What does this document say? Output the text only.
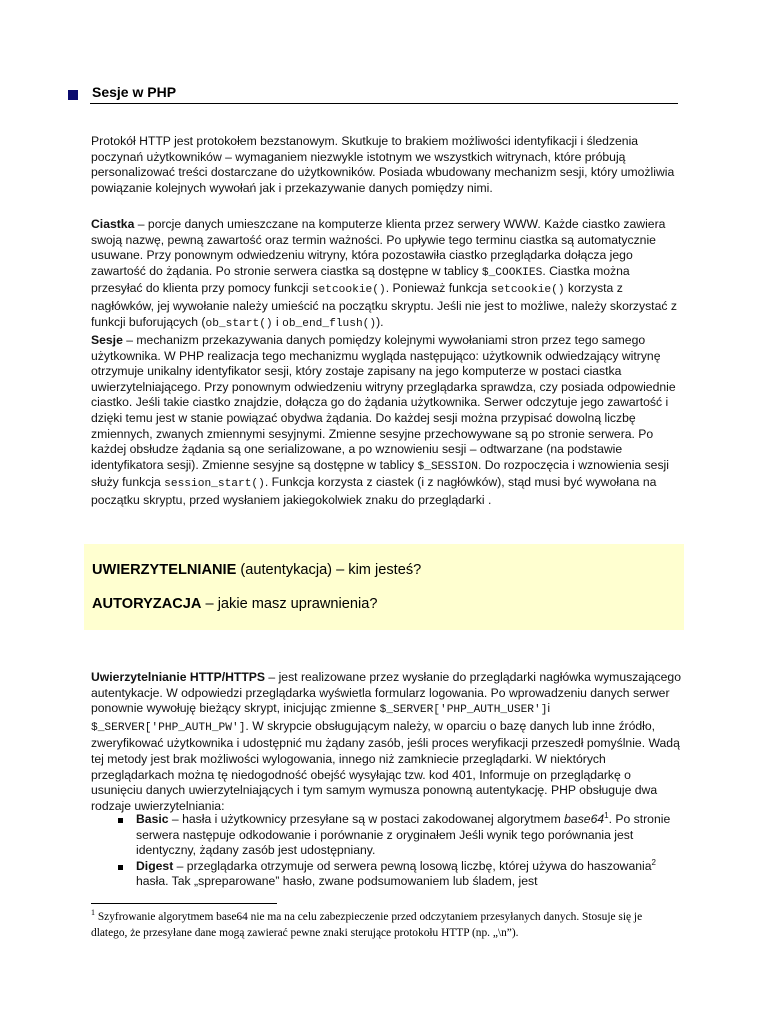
Sesje w PHP

Protokół HTTP jest protokołem bezstanowym. Skutkuje to brakiem możliwości identyfikacji i śledzenia poczynań użytkowników – wymaganiem niezwykle istotnym we wszystkich witrynach, które próbują personalizować treści dostarczane do użytkowników. Posiada wbudowany mechanizm sesji, który umożliwia powiązanie kolejnych wywołań jak i przekazywanie danych pomiędzy nimi.

Ciastka – porcje danych umieszczane na komputerze klienta przez serwery WWW. Każde ciastko zawiera swoją nazwę, pewną zawartość oraz termin ważności. Po upływie tego terminu ciastka są automatycznie usuwane. Przy ponownym odwiedzeniu witryny, która pozostawiła ciastko przeglądarka dołącza jego zawartość do żądania. Po stronie serwera ciastka są dostępne w tablicy $_COOKIES. Ciastka można przesyłać do klienta przy pomocy funkcji setcookie(). Ponieważ funkcja setcookie() korzysta z nagłówków, jej wywołanie należy umieścić na początku skryptu. Jeśli nie jest to możliwe, należy skorzystać z funkcji buforujących (ob_start() i ob_end_flush()).

Sesje – mechanizm przekazywania danych pomiędzy kolejnymi wywołaniami stron przez tego samego użytkownika. W PHP realizacja tego mechanizmu wygląda następująco: użytkownik odwiedzający witrynę otrzymuje unikalny identyfikator sesji, który zostaje zapisany na jego komputerze w postaci ciastka uwierzytelniającego. Przy ponownym odwiedzeniu witryny przeglądarka sprawdza, czy posiada odpowiednie ciastko. Jeśli takie ciastko znajdzie, dołącza go do żądania użytkownika. Serwer odczytuje jego zawartość i dzięki temu jest w stanie powiązać obydwa żądania. Do każdej sesji można przypisać dowolną liczbę zmiennych, zwanych zmiennymi sesyjnymi. Zmienne sesyjne przechowywane są po stronie serwera. Po każdej obsłudze żądania są one serializowane, a po wznowieniu sesji – odtwarzane (na podstawie identyfikatora sesji). Zmienne sesyjne są dostępne w tablicy $_SESSION. Do rozpoczęcia i wznowienia sesji służy funkcja session_start(). Funkcja korzysta z ciastek (i z nagłówków), stąd musi być wywołana na początku skryptu, przed wysłaniem jakiegokolwiek znaku do przeglądarki .

UWIERZYTELNIANIE (autentykacja) – kim jesteś?
AUTORYZACJA – jakie masz uprawnienia?

Uwierzytelnianie HTTP/HTTPS – jest realizowane przez wysłanie do przeglądarki nagłówka wymuszającego autentykacje. W odpowiedzi przeglądarka wyświetla formularz logowania. Po wprowadzeniu danych serwer ponownie wywołuję bieżący skrypt, inicjując zmienne $_SERVER['PHP_AUTH_USER']i $_SERVER['PHP_AUTH_PW']. W skrypcie obsługującym należy, w oparciu o bazę danych lub inne źródło, zweryfikować użytkownika i udostępnić mu żądany zasób, jeśli proces weryfikacji przeszedł pomyślnie. Wadą tej metody jest brak możliwości wylogowania, innego niż zamkniecie przeglądarki. W niektórych przeglądarkach można tę niedogodność obejść wysyłając tzw. kod 401, Informuje on przeglądarkę o usunięciu danych uwierzytelniających i tym samym wymusza ponowną autentykację. PHP obsługuje dwa rodzaje uwierzytelniania:

Basic – hasła i użytkownicy przesyłane są w postaci zakodowanej algorytmem $base64^1$. Po stronie serwera następuje odkodowanie i porównanie z oryginałem Jeśli wynik tego porównania jest identyczny, żądany zasób jest udostępniany.
Digest – przeglądarka otrzymuje od serwera pewną losową liczbę, której używa do haszowania$^2$ hasła. Tak „spreparowane” hasło, zwane podsumowaniem lub śladem, jest
$^1$ Szyfrowanie algorytmem base64 nie ma na celu zabezpieczenie przed odczytaniem przesyłanych danych. Stosuje się je dlatego, że przesyłane dane mogą zawierać pewne znaki sterujące protokołu HTTP (np. „\n”).
